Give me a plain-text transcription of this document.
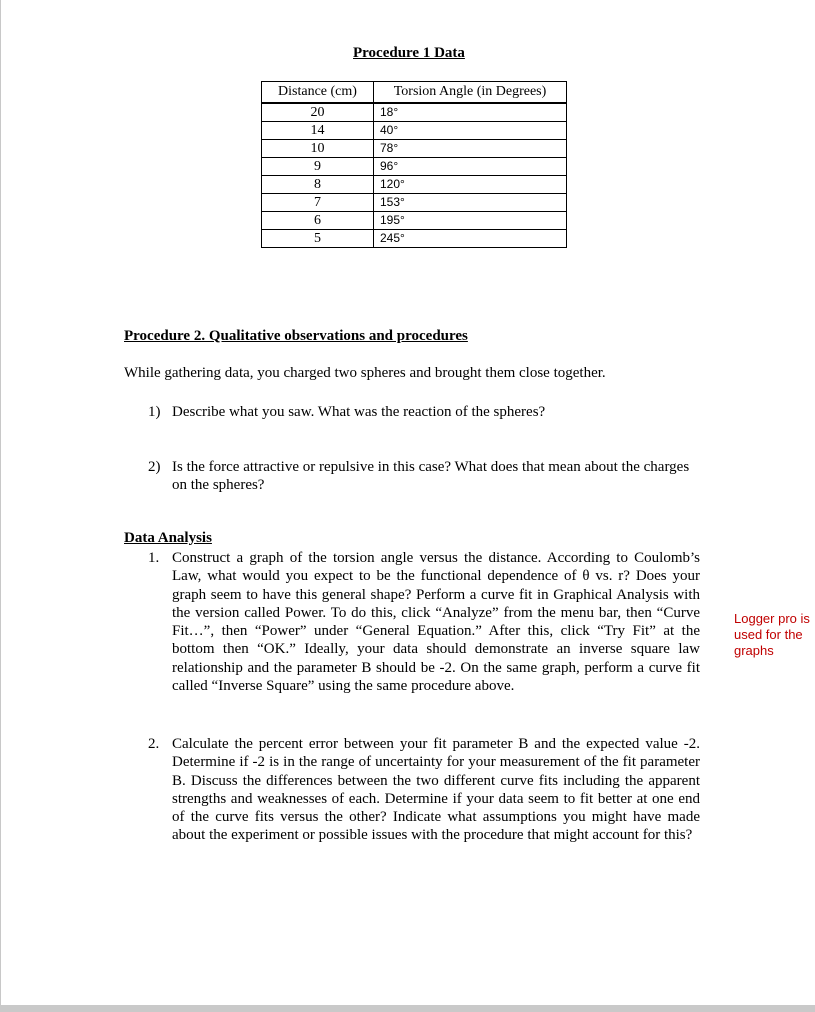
Procedure 1 Data
Distance (cm)	Torsion Angle (in Degrees)
20	18°
14	40°
10	78°
9	96°
8	120°
7	153°
6	195°
5	245°
Procedure 2. Qualitative observations and procedures
While gathering data, you charged two spheres and brought them close together.
1) Describe what you saw. What was the reaction of the spheres?
2) Is the force attractive or repulsive in this case? What does that mean about the charges on the spheres?
Data Analysis
1. Construct a graph of the torsion angle versus the distance. According to Coulomb’s Law, what would you expect to be the functional dependence of θ vs. r? Does your graph seem to have this general shape? Perform a curve fit in Graphical Analysis with the version called Power. To do this, click “Analyze” from the menu bar, then “Curve Fit…”, then “Power” under “General Equation.” After this, click “Try Fit” at the bottom then “OK.” Ideally, your data should demonstrate an inverse square law relationship and the parameter B should be -2. On the same graph, perform a curve fit called “Inverse Square” using the same procedure above.
2. Calculate the percent error between your fit parameter B and the expected value -2. Determine if -2 is in the range of uncertainty for your measurement of the fit parameter B. Discuss the differences between the two different curve fits including the apparent strengths and weaknesses of each. Determine if your data seem to fit better at one end of the curve fits versus the other? Indicate what assumptions you might have made about the experiment or possible issues with the procedure that might account for this?
Logger pro is used for the graphs
